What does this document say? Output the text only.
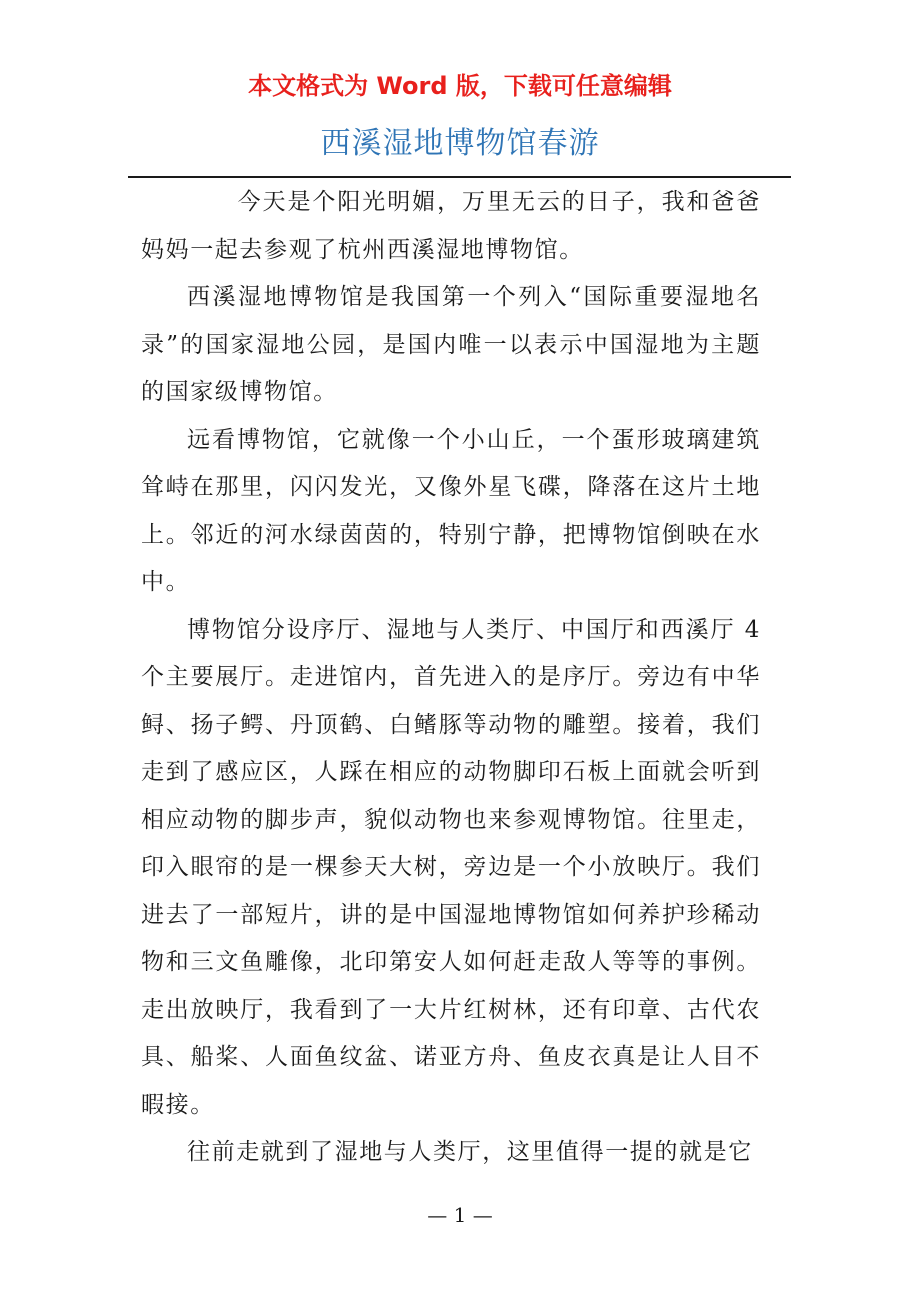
本文格式为 Word 版，下载可任意编辑
西溪湿地博物馆春游

今天是个阳光明媚，万里无云的日子，我和爸爸妈妈一起去参观了杭州西溪湿地博物馆。

西溪湿地博物馆是我国第一个列入“国际重要湿地名录”的国家湿地公园，是国内唯一以表示中国湿地为主题的国家级博物馆。

远看博物馆，它就像一个小山丘，一个蛋形玻璃建筑耸峙在那里，闪闪发光，又像外星飞碟，降落在这片土地上。邻近的河水绿茵茵的，特别宁静，把博物馆倒映在水中。

博物馆分设序厅、湿地与人类厅、中国厅和西溪厅 4 个主要展厅。走进馆内，首先进入的是序厅。旁边有中华鲟、扬子鳄、丹顶鹤、白鳍豚等动物的雕塑。接着，我们走到了感应区，人踩在相应的动物脚印石板上面就会听到相应动物的脚步声，貌似动物也来参观博物馆。往里走，印入眼帘的是一棵参天大树，旁边是一个小放映厅。我们进去了一部短片，讲的是中国湿地博物馆如何养护珍稀动物和三文鱼雕像，北印第安人如何赶走敌人等等的事例。走出放映厅，我看到了一大片红树林，还有印章、古代农具、船桨、人面鱼纹盆、诺亚方舟、鱼皮衣真是让人目不暇接。

往前走就到了湿地与人类厅，这里值得一提的就是它

— 1 —
